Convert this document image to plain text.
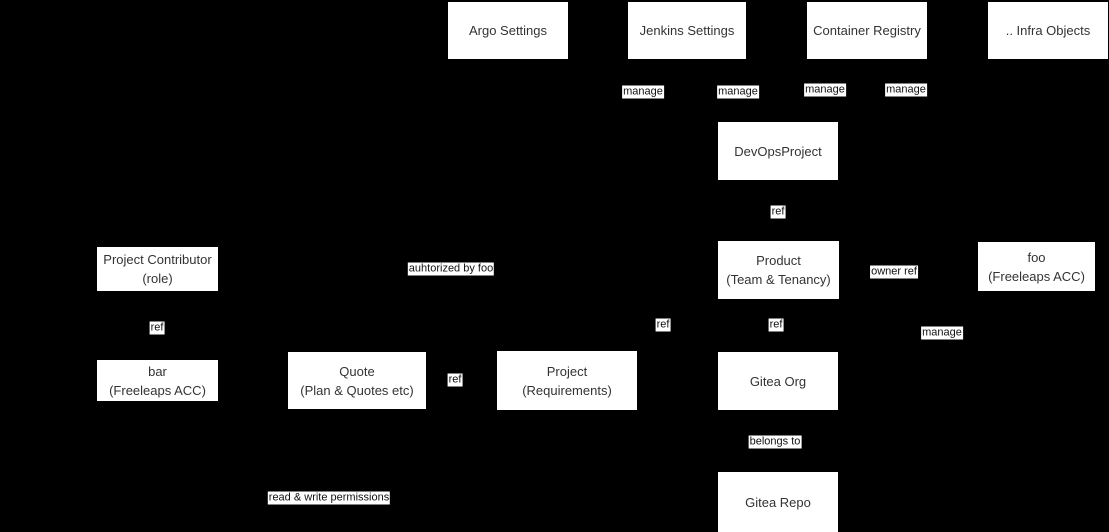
Argo Settings	Jenkins Settings	Container Registry	.. Infra Objects
DevOpsProject
Product
(Team & Tenancy)
foo
(Freeleaps ACC)
Project Contributor
(role)
bar
(Freeleaps ACC)
Quote
(Plan & Quotes etc)
Project
(Requirements)
Gitea Org
Gitea Repo
manage	manage	manage	manage
ref
auhtorized by foo	owner ref
ref	ref	ref
manage
ref
belongs to
read & write permissions
